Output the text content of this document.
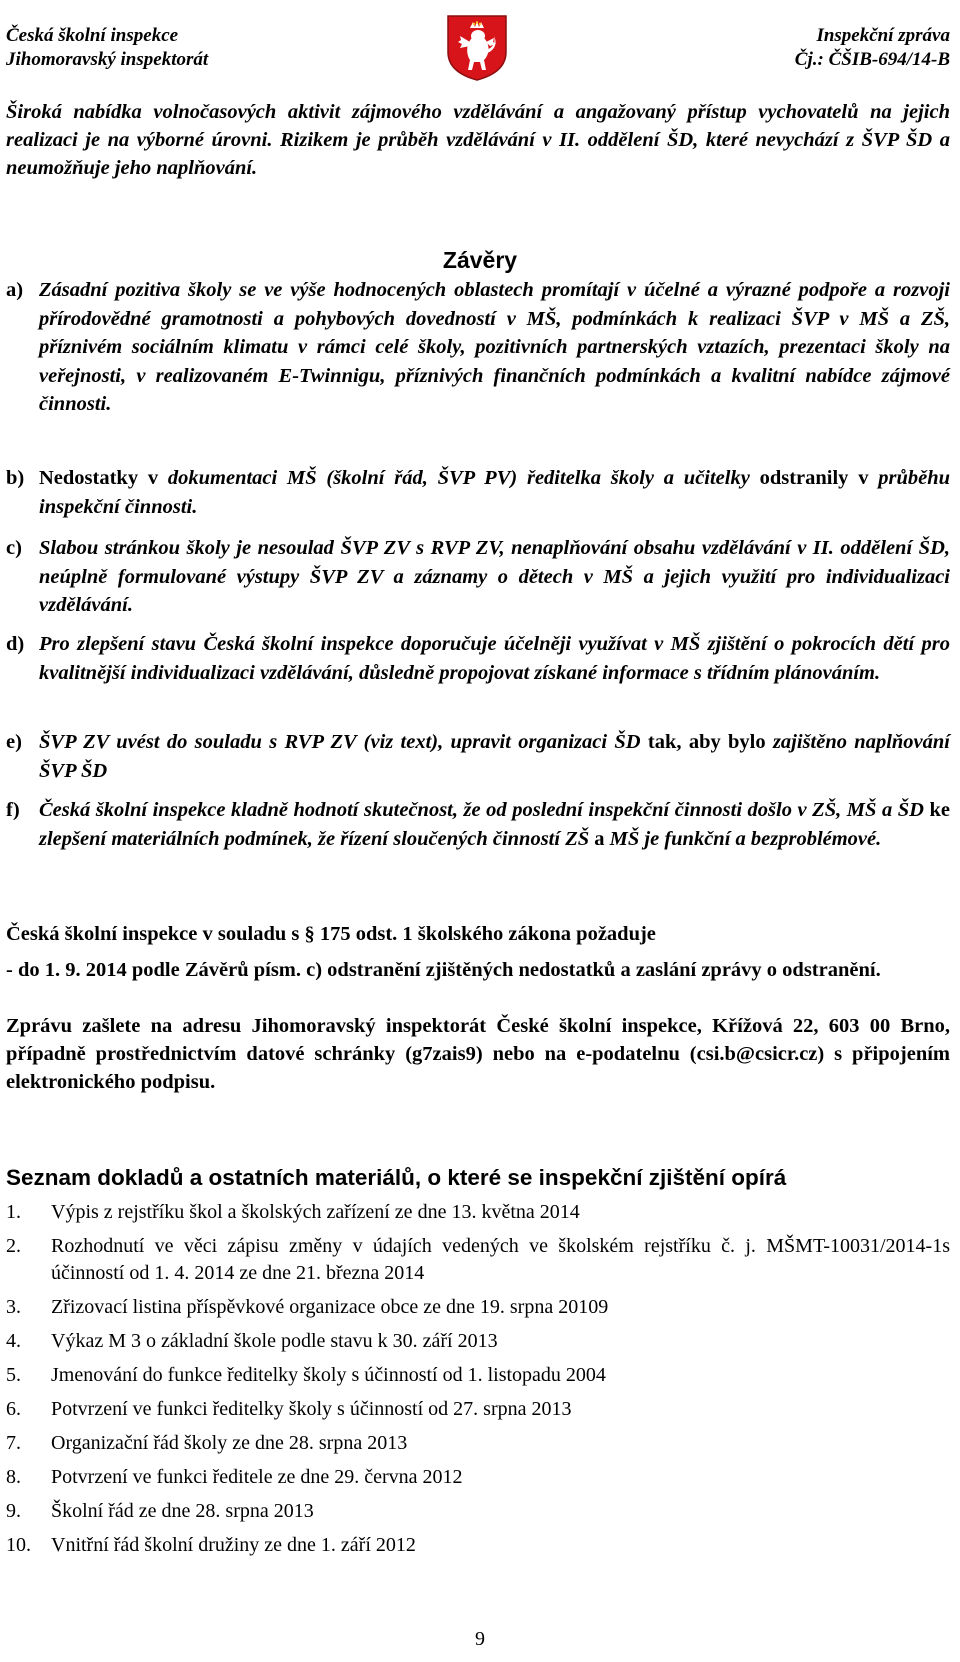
Česká školní inspekce
Jihomoravský inspektorát
Inspekční zpráva
Čj.: ČŠIB-694/14-B
Široká nabídka volnočasových aktivit zájmového vzdělávání a angažovaný přístup vychovatelů na jejich realizaci je na výborné úrovni. Rizikem je průběh vzdělávání v II. oddělení ŠD, které nevychází z ŠVP ŠD a neumožňuje jeho naplňování.
Závěry
a) Zásadní pozitiva školy se ve výše hodnocených oblastech promítají v účelné a výrazné podpoře a rozvoji přírodovědné gramotnosti a pohybových dovedností v MŠ, podmínkách k realizaci ŠVP v MŠ a ZŠ, příznivém sociálním klimatu v rámci celé školy, pozitivních partnerských vztazích, prezentaci školy na veřejnosti, v realizovaném E-Twinnigu, příznivých finančních podmínkách a kvalitní nabídce zájmové činnosti.
b) Nedostatky v dokumentaci MŠ (školní řád, ŠVP PV) ředitelka školy a učitelky odstranily v průběhu inspekční činnosti.
c) Slabou stránkou školy je nesoulad ŠVP ZV s RVP ZV, nenaplňování obsahu vzdělávání v II. oddělení ŠD, neúplně formulované výstupy ŠVP ZV a záznamy o dětech v MŠ a jejich využití pro individualizaci vzdělávání.
d) Pro zlepšení stavu Česká školní inspekce doporučuje účelněji využívat v MŠ zjištění o pokrocích dětí pro kvalitnější individualizaci vzdělávání, důsledně propojovat získané informace s třídním plánováním.
e) ŠVP ZV uvést do souladu s RVP ZV (viz text), upravit organizaci ŠD tak, aby bylo zajištěno naplňování ŠVP ŠD
f) Česká školní inspekce kladně hodnotí skutečnost, že od poslední inspekční činnosti došlo v ZŠ, MŠ a ŠD ke zlepšení materiálních podmínek, že řízení sloučených činností ZŠ a MŠ je funkční a bezproblémové.
Česká školní inspekce v souladu s § 175 odst. 1 školského zákona požaduje
- do 1. 9. 2014 podle Závěrů písm. c) odstranění zjištěných nedostatků a zaslání zprávy o odstranění.
Zprávu zašlete na adresu Jihomoravský inspektorát České školní inspekce, Křížová 22, 603 00 Brno, případně prostřednictvím datové schránky (g7zais9) nebo na e-podatelnu (csi.b@csicr.cz) s připojením elektronického podpisu.
Seznam dokladů a ostatních materiálů, o které se inspekční zjištění opírá
1. Výpis z rejstříku škol a školských zařízení ze dne 13. května 2014
2. Rozhodnutí ve věci zápisu změny v údajích vedených ve školském rejstříku č. j. MŠMT-10031/2014-1s účinností od 1. 4. 2014 ze dne 21. března 2014
3. Zřizovací listina příspěvkové organizace obce ze dne 19. srpna 20109
4. Výkaz M 3 o základní škole podle stavu k 30. září 2013
5. Jmenování do funkce ředitelky školy s účinností od 1. listopadu 2004
6. Potvrzení ve funkci ředitelky školy s účinností od 27. srpna 2013
7. Organizační řád školy ze dne 28. srpna 2013
8. Potvrzení ve funkci ředitele ze dne 29. června 2012
9. Školní řád ze dne 28. srpna 2013
10. Vnitřní řád školní družiny ze dne 1. září 2012
9
